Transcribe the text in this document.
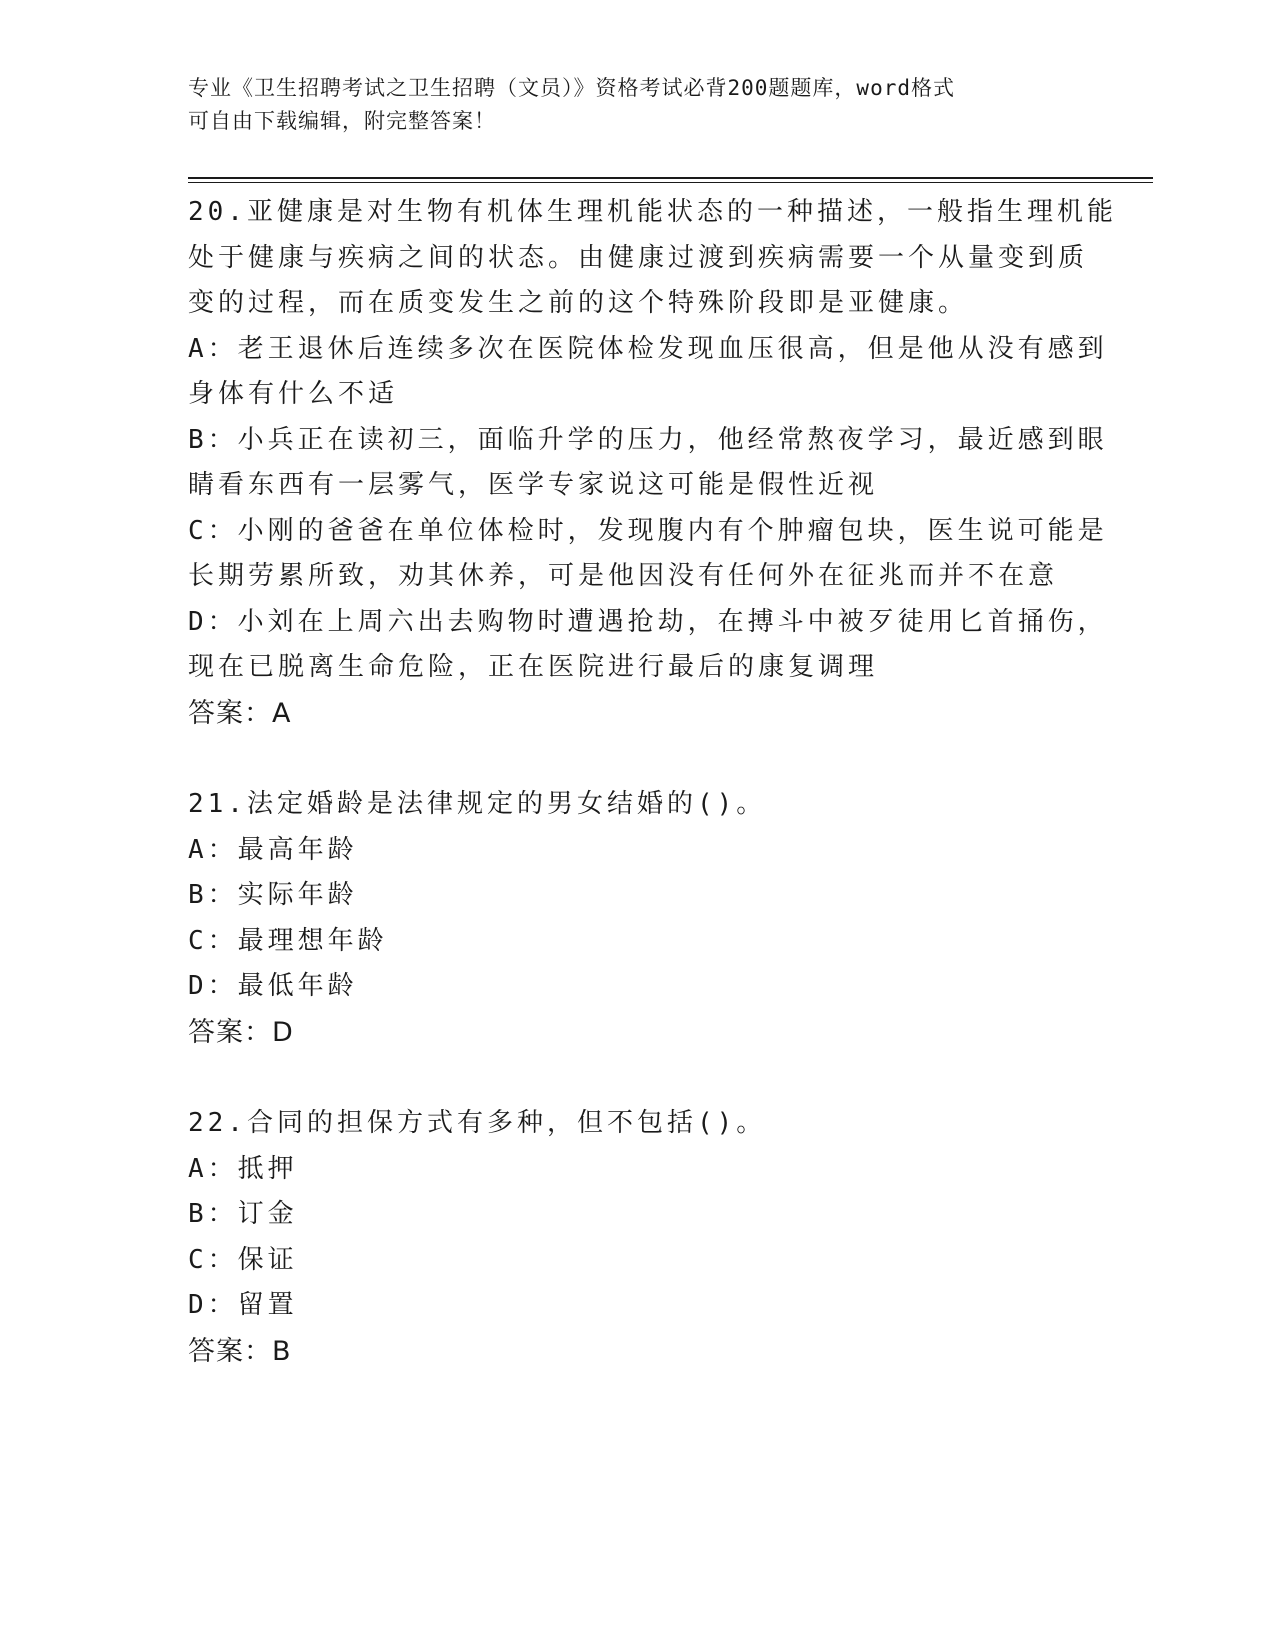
专业《卫生招聘考试之卫生招聘（文员）》资格考试必背200题题库，word格式
可自由下载编辑，附完整答案！
20.亚健康是对生物有机体生理机能状态的一种描述，一般指生理机能
处于健康与疾病之间的状态。由健康过渡到疾病需要一个从量变到质
变的过程，而在质变发生之前的这个特殊阶段即是亚健康。
A：老王退休后连续多次在医院体检发现血压很高，但是他从没有感到
身体有什么不适
B：小兵正在读初三，面临升学的压力，他经常熬夜学习，最近感到眼
睛看东西有一层雾气，医学专家说这可能是假性近视
C：小刚的爸爸在单位体检时，发现腹内有个肿瘤包块，医生说可能是
长期劳累所致，劝其休养，可是他因没有任何外在征兆而并不在意
D：小刘在上周六出去购物时遭遇抢劫，在搏斗中被歹徒用匕首捅伤，
现在已脱离生命危险，正在医院进行最后的康复调理
答案：A
21.法定婚龄是法律规定的男女结婚的()。
A：最高年龄
B：实际年龄
C：最理想年龄
D：最低年龄
答案：D
22.合同的担保方式有多种，但不包括()。
A：抵押
B：订金
C：保证
D：留置
答案：B
